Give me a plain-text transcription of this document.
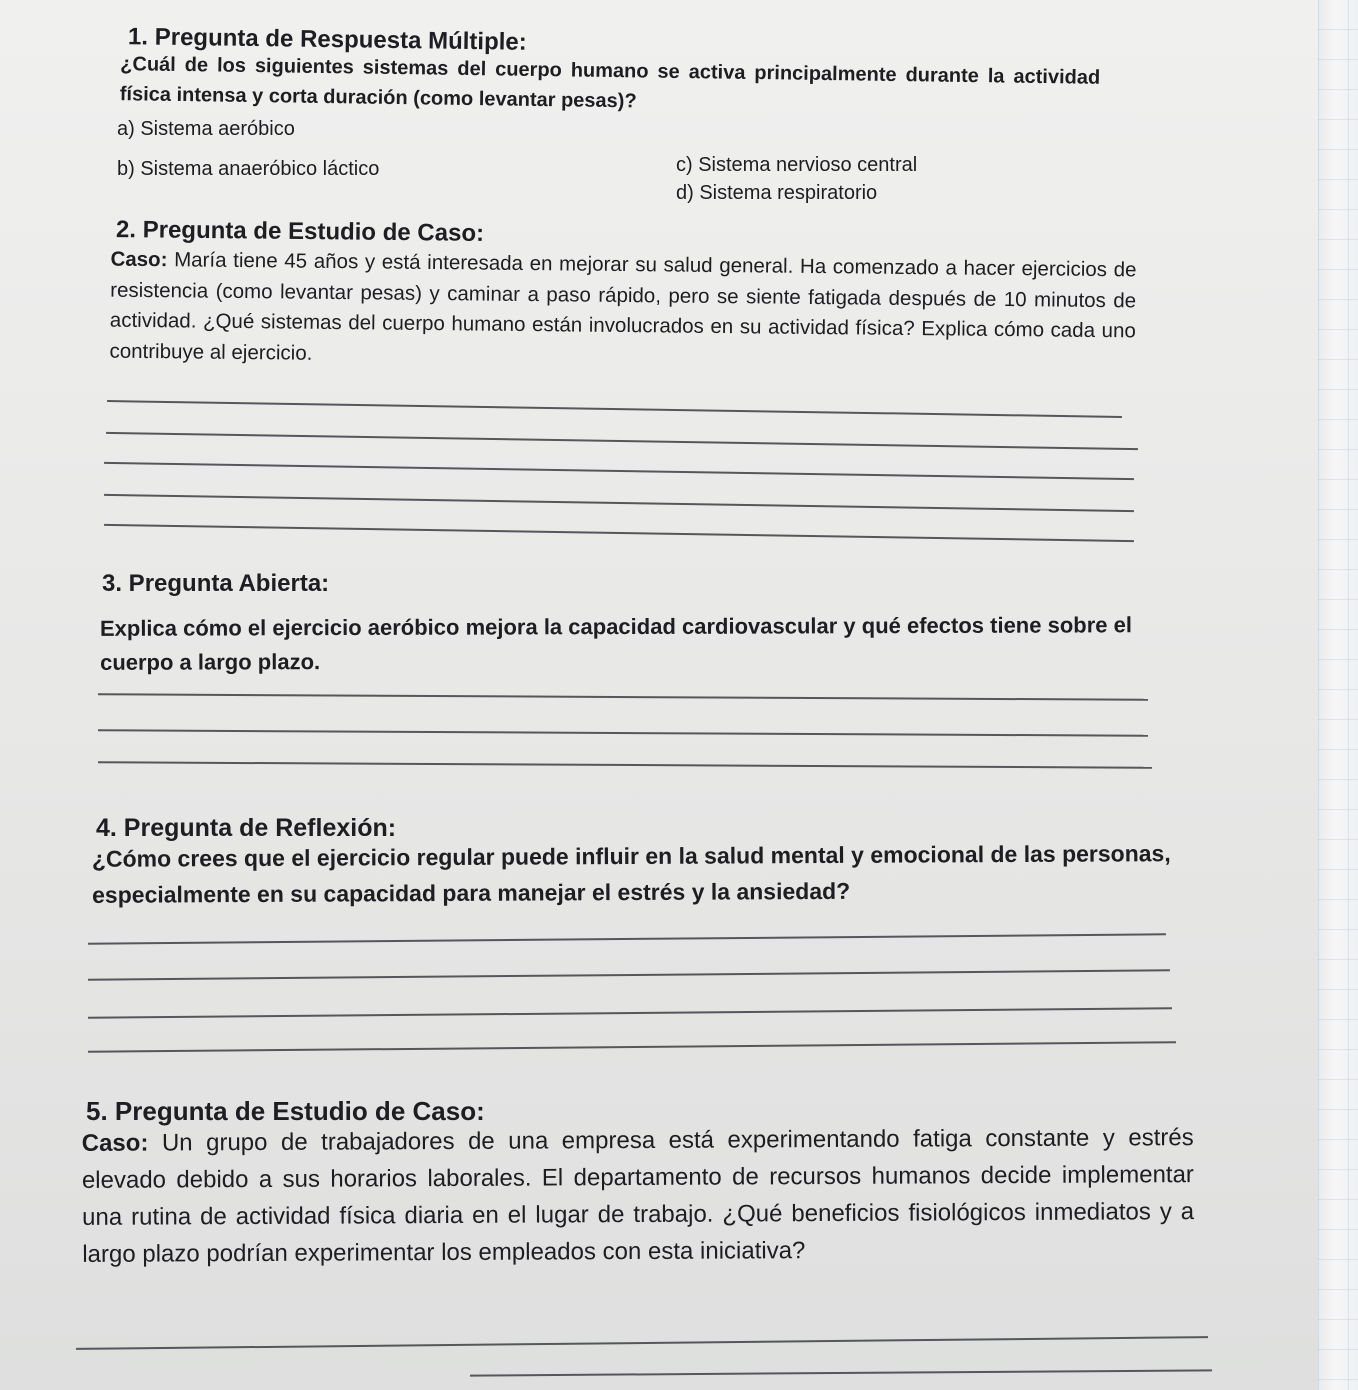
1. Pregunta de Respuesta Múltiple:
¿Cuál de los siguientes sistemas del cuerpo humano se activa principalmente durante la actividad física intensa y corta duración (como levantar pesas)?
a) Sistema aeróbico
b) Sistema anaeróbico láctico	c) Sistema nervioso central
d) Sistema respiratorio
2. Pregunta de Estudio de Caso:
Caso: María tiene 45 años y está interesada en mejorar su salud general. Ha comenzado a hacer ejercicios de resistencia (como levantar pesas) y caminar a paso rápido, pero se siente fatigada después de 10 minutos de actividad. ¿Qué sistemas del cuerpo humano están involucrados en su actividad física? Explica cómo cada uno contribuye al ejercicio.
3. Pregunta Abierta:
Explica cómo el ejercicio aeróbico mejora la capacidad cardiovascular y qué efectos tiene sobre el cuerpo a largo plazo.
4. Pregunta de Reflexión:
¿Cómo crees que el ejercicio regular puede influir en la salud mental y emocional de las personas, especialmente en su capacidad para manejar el estrés y la ansiedad?
5. Pregunta de Estudio de Caso:
Caso: Un grupo de trabajadores de una empresa está experimentando fatiga constante y estrés elevado debido a sus horarios laborales. El departamento de recursos humanos decide implementar una rutina de actividad física diaria en el lugar de trabajo. ¿Qué beneficios fisiológicos inmediatos y a largo plazo podrían experimentar los empleados con esta iniciativa?
